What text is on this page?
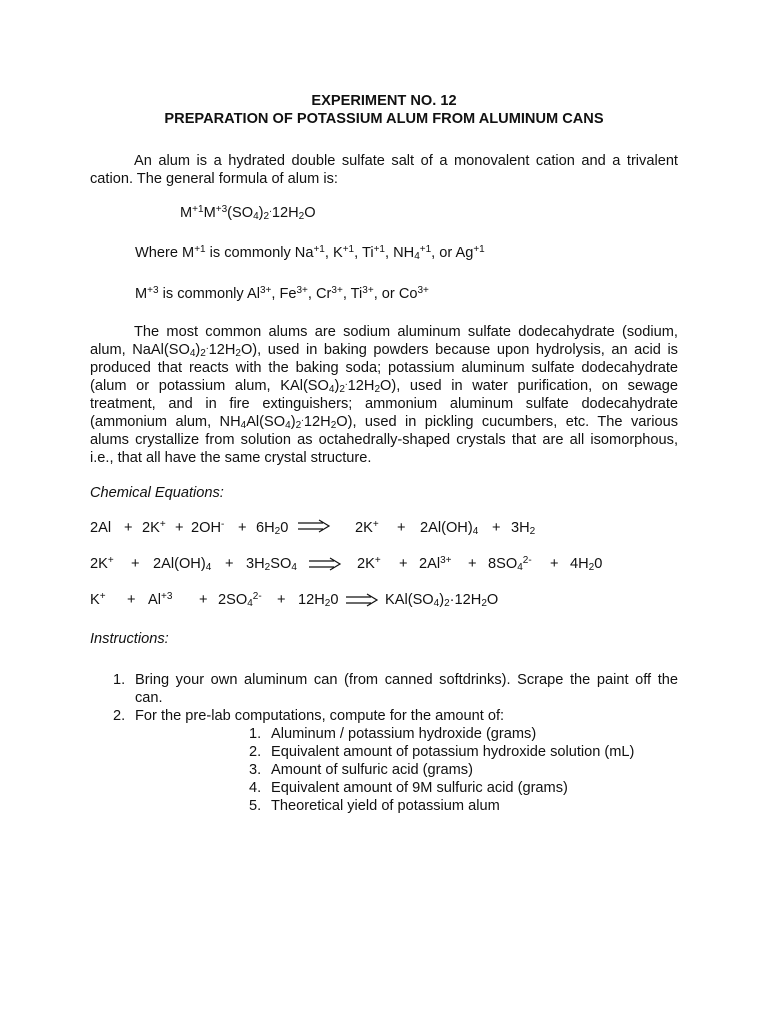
EXPERIMENT NO. 12
PREPARATION OF POTASSIUM ALUM FROM ALUMINUM CANS
An alum is a hydrated double sulfate salt of a monovalent cation and a trivalent
cation. The general formula of alum is:
$M^{+1}M^{+3}(SO_4)_2^.12H_2O$
Where $M^{+1}$ is commonly $Na^{+1}$, $K^{+1}$, $Ti^{+1}$, $NH_4^{+1}$, or $Ag^{+1}$
$M^{+3}$ is commonly $Al^{3+}$, $Fe^{3+}$, $Cr^{3+}$, $Ti^{3+}$, or $Co^{3+}$
The most common alums are sodium aluminum sulfate dodecahydrate (sodium,
alum, $NaAl(SO_4)_2^.12H_2O$), used in baking powders because upon hydrolysis, an acid is
produced that reacts with the baking soda; potassium aluminum sulfate dodecahydrate
(alum or potassium alum, $KAl(SO_4)_2^.12H_2O$), used in water purification, on sewage
treatment, and in fire extinguishers; ammonium aluminum sulfate dodecahydrate
(ammonium alum, $NH_4Al(SO_4)_2^.12H_2O$), used in pickling cucumbers, etc. The various
alums crystallize from solution as octahedrally-shaped crystals that are all isomorphous,
i.e., that all have the same crystal structure.
Chemical Equations:
$2Al + 2K^+ + 2OH^- + 6H_20$	$2K^+ + 2Al(OH)_4 + 3H_2$
$2K^+ + 2Al(OH)_4 + 3H_2SO_4$	$2K^+ + 2Al^{3+} + 8SO_4^{2-} + 4H_20$
$K^+ + Al^{+3} + 2SO_4^{2-} + 12H_20$	$KAl(SO_4)_2\cdot 12H_2O$
Instructions:
1. Bring your own aluminum can (from canned softdrinks). Scrape the paint off the
can.
2. For the pre-lab computations, compute for the amount of:
1. Aluminum / potassium hydroxide (grams)
2. Equivalent amount of potassium hydroxide solution (mL)
3. Amount of sulfuric acid (grams)
4. Equivalent amount of 9M sulfuric acid (grams)
5. Theoretical yield of potassium alum
